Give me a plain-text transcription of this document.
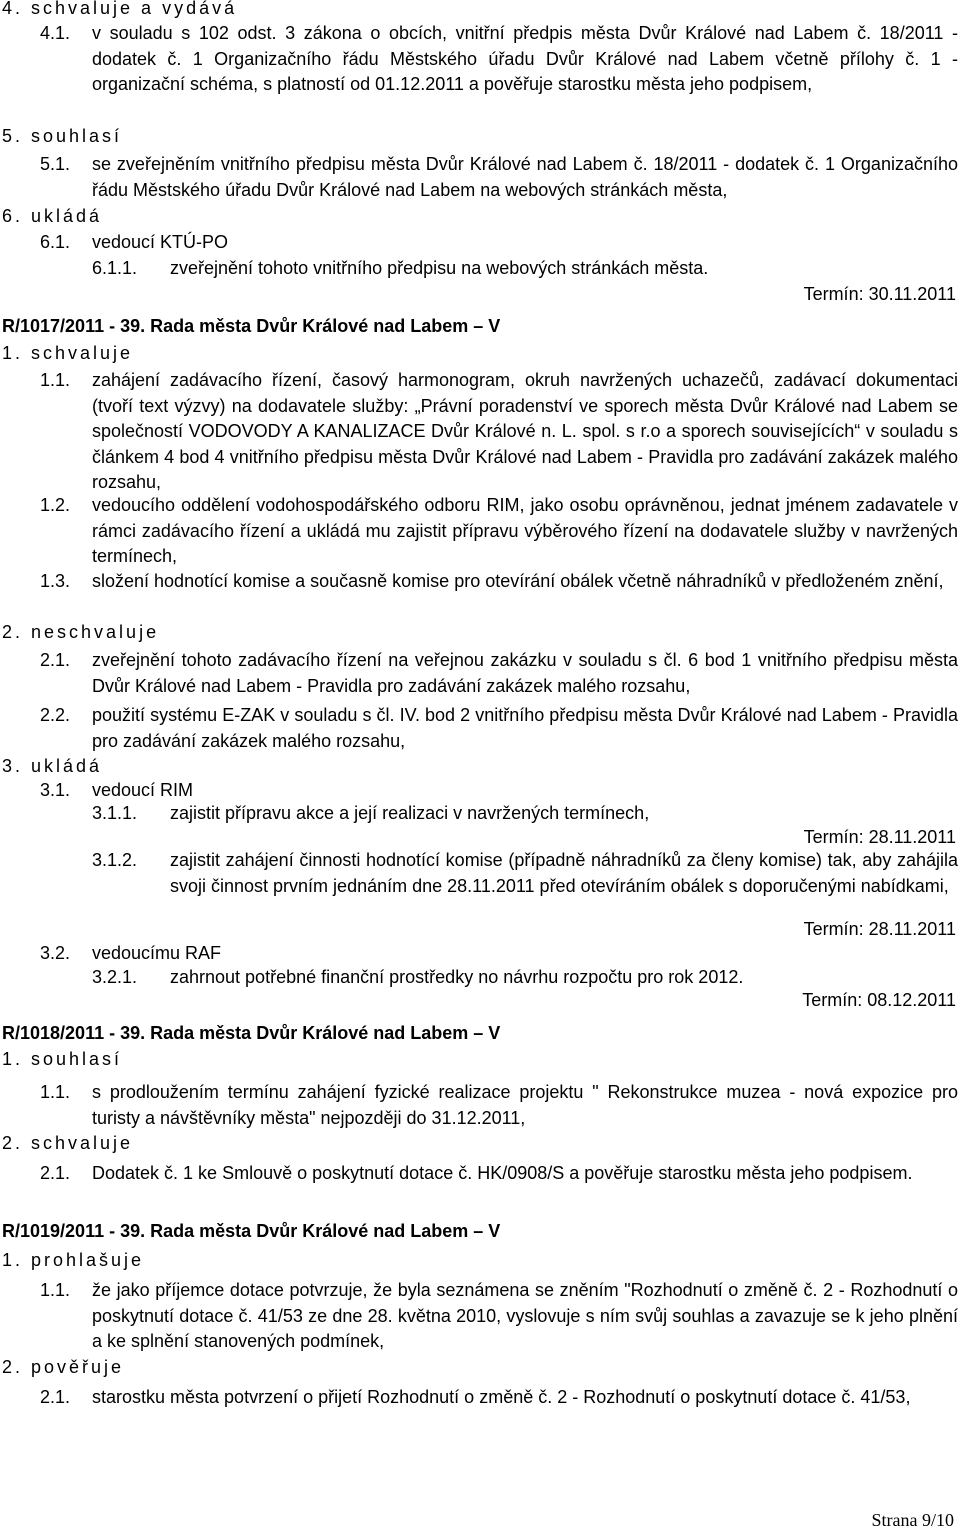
4. schvaluje a vydává
4.1. v souladu s 102 odst. 3 zákona o obcích, vnitřní předpis města Dvůr Králové nad Labem č. 18/2011 - dodatek č. 1 Organizačního řádu Městského úřadu Dvůr Králové nad Labem včetně přílohy č. 1 - organizační schéma, s platností od 01.12.2011 a pověřuje starostku města jeho podpisem,
5. souhlasí
5.1. se zveřejněním vnitřního předpisu města Dvůr Králové nad Labem č. 18/2011 - dodatek č. 1 Organizačního řádu Městského úřadu Dvůr Králové nad Labem na webových stránkách města,
6. ukládá
6.1. vedoucí KTÚ-PO
6.1.1. zveřejnění tohoto vnitřního předpisu na webových stránkách města.
Termín: 30.11.2011
R/1017/2011 - 39. Rada města Dvůr Králové nad Labem – V
1. schvaluje
1.1. zahájení zadávacího řízení, časový harmonogram, okruh navržených uchazečů, zadávací dokumentaci (tvoří text výzvy) na dodavatele služby: „Právní poradenství ve sporech města Dvůr Králové nad Labem se společností VODOVODY A KANALIZACE Dvůr Králové n. L. spol. s r.o a sporech souvisejících“ v souladu s článkem 4 bod 4 vnitřního předpisu města Dvůr Králové nad Labem - Pravidla pro zadávání zakázek malého rozsahu,
1.2. vedoucího oddělení vodohospodářského odboru RIM, jako osobu oprávněnou, jednat jménem zadavatele v rámci zadávacího řízení a ukládá mu zajistit přípravu výběrového řízení na dodavatele služby v navržených termínech,
1.3. složení hodnotící komise a současně komise pro otevírání obálek včetně náhradníků v předloženém znění,
2. neschvaluje
2.1. zveřejnění tohoto zadávacího řízení na veřejnou zakázku v souladu s čl. 6 bod 1 vnitřního předpisu města Dvůr Králové nad Labem - Pravidla pro zadávání zakázek malého rozsahu,
2.2. použití systému E-ZAK v souladu s čl. IV. bod 2 vnitřního předpisu města Dvůr Králové nad Labem - Pravidla pro zadávání zakázek malého rozsahu,
3. ukládá
3.1. vedoucí RIM
3.1.1. zajistit přípravu akce a její realizaci v navržených termínech,
Termín: 28.11.2011
3.1.2. zajistit zahájení činnosti hodnotící komise (případně náhradníků za členy komise) tak, aby zahájila svoji činnost prvním jednáním dne 28.11.2011 před otevíráním obálek s doporučenými nabídkami,
Termín: 28.11.2011
3.2. vedoucímu RAF
3.2.1. zahrnout potřebné finanční prostředky no návrhu rozpočtu pro rok 2012.
Termín: 08.12.2011
R/1018/2011 - 39. Rada města Dvůr Králové nad Labem – V
1. souhlasí
1.1. s prodloužením termínu zahájení fyzické realizace projektu " Rekonstrukce muzea - nová expozice pro turisty a návštěvníky města" nejpozději do 31.12.2011,
2. schvaluje
2.1. Dodatek č. 1 ke Smlouvě o poskytnutí dotace č. HK/0908/S a pověřuje starostku města jeho podpisem.
R/1019/2011 - 39. Rada města Dvůr Králové nad Labem – V
1. prohlašuje
1.1. že jako příjemce dotace potvrzuje, že byla seznámena se zněním "Rozhodnutí o změně č. 2 - Rozhodnutí o poskytnutí dotace č. 41/53 ze dne 28. května 2010, vyslovuje s ním svůj souhlas a zavazuje se k jeho plnění a ke splnění stanovených podmínek,
2. pověřuje
2.1. starostku města potvrzení o přijetí Rozhodnutí o změně č. 2 - Rozhodnutí o poskytnutí dotace č. 41/53,
Strana 9/10
